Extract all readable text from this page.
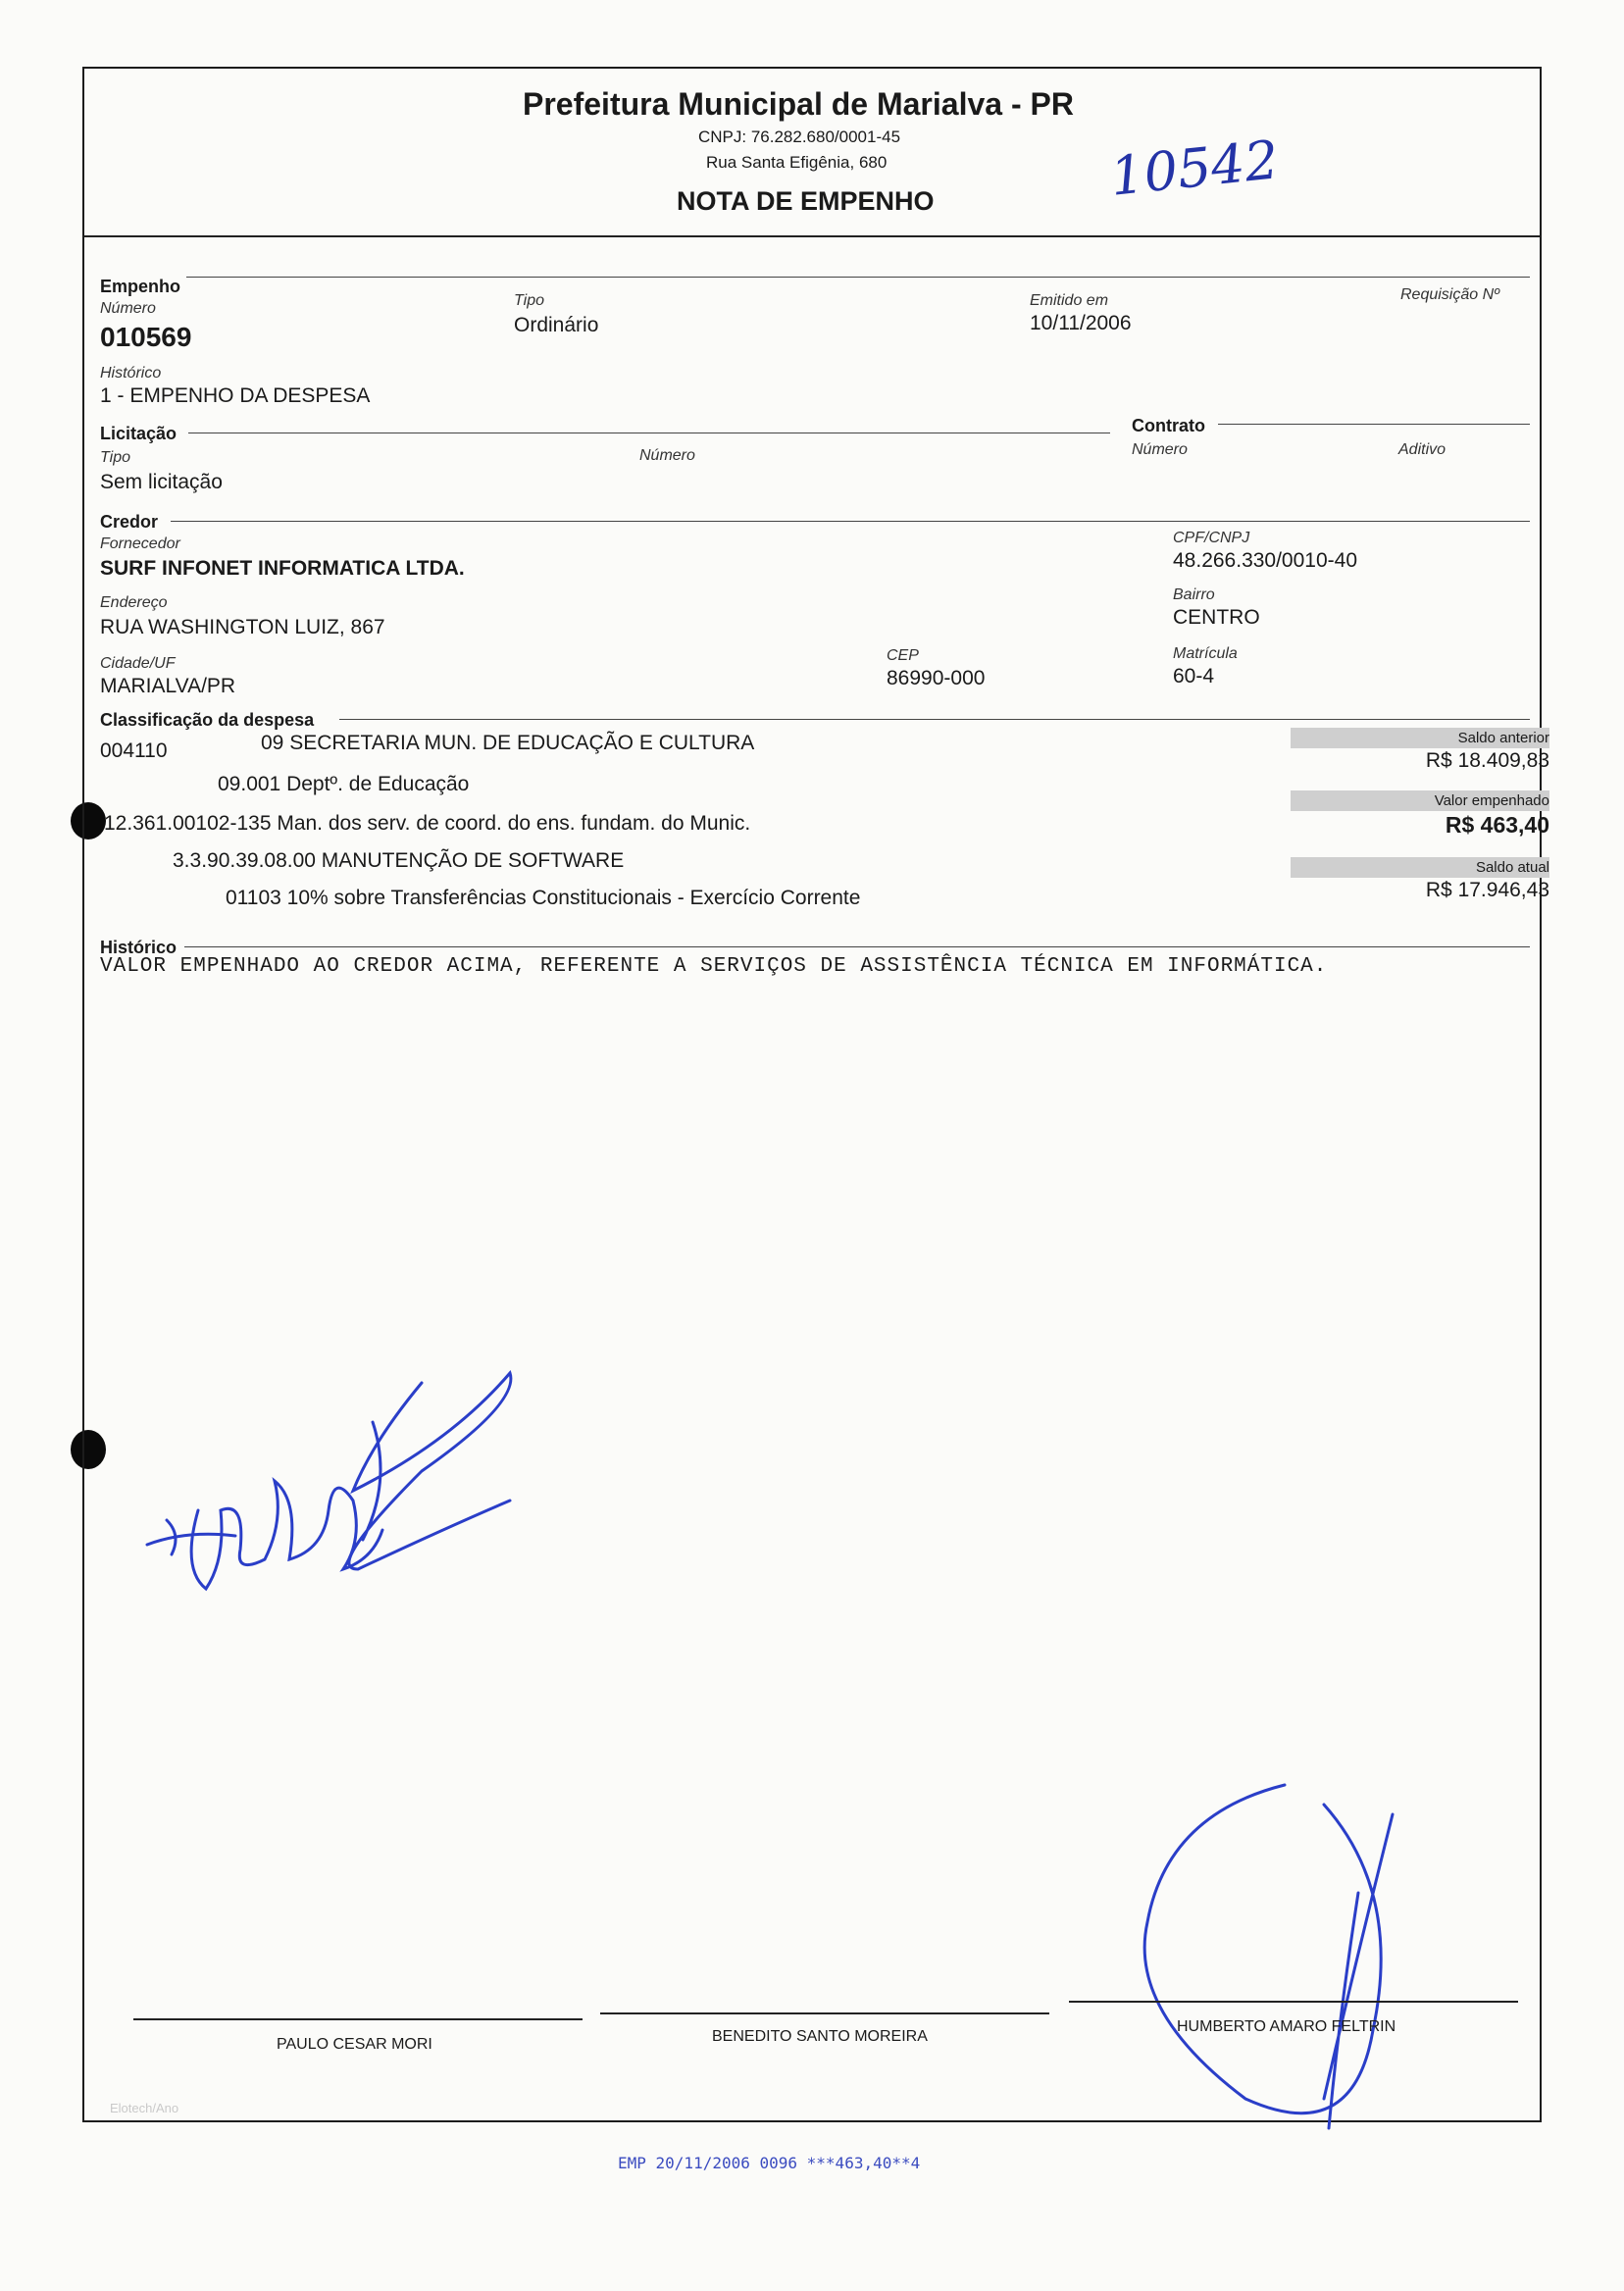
Prefeitura Municipal de Marialva - PR
CNPJ: 76.282.680/0001-45
Rua Santa Efigênia, 680
NOTA DE EMPENHO	10542
Empenho
Número
010569
Tipo
Ordinário
Emitido em
10/11/2006
Requisição Nº
Histórico
1 - EMPENHO DA DESPESA
Licitação
Tipo
Sem licitação
Número
Contrato
Número	Aditivo
Credor
Fornecedor
SURF INFONET INFORMATICA LTDA.
CPF/CNPJ
48.266.330/0010-40
Endereço
RUA WASHINGTON LUIZ, 867
Bairro
CENTRO
Cidade/UF
MARIALVA/PR
CEP
86990-000
Matrícula
60-4
Classificação da despesa
004110	09 SECRETARIA MUN. DE EDUCAÇÃO E CULTURA
09.001 Deptº. de Educação
12.361.00102-135 Man. dos serv. de coord. do ens. fundam. do Munic.
3.3.90.39.08.00 MANUTENÇÃO DE SOFTWARE
01103 10% sobre Transferências Constitucionais - Exercício Corrente
Saldo anterior
R$ 18.409,83
Valor empenhado
R$ 463,40
Saldo atual
R$ 17.946,43
Histórico
VALOR EMPENHADO AO CREDOR ACIMA, REFERENTE A SERVIÇOS DE ASSISTÊNCIA TÉCNICA EM INFORMÁTICA.
PAULO CESAR MORI	BENEDITO SANTO MOREIRA
HUMBERTO AMARO FELTRIN
Elotech/Ano
EMP 20/11/2006 0096 ***463,40**4
